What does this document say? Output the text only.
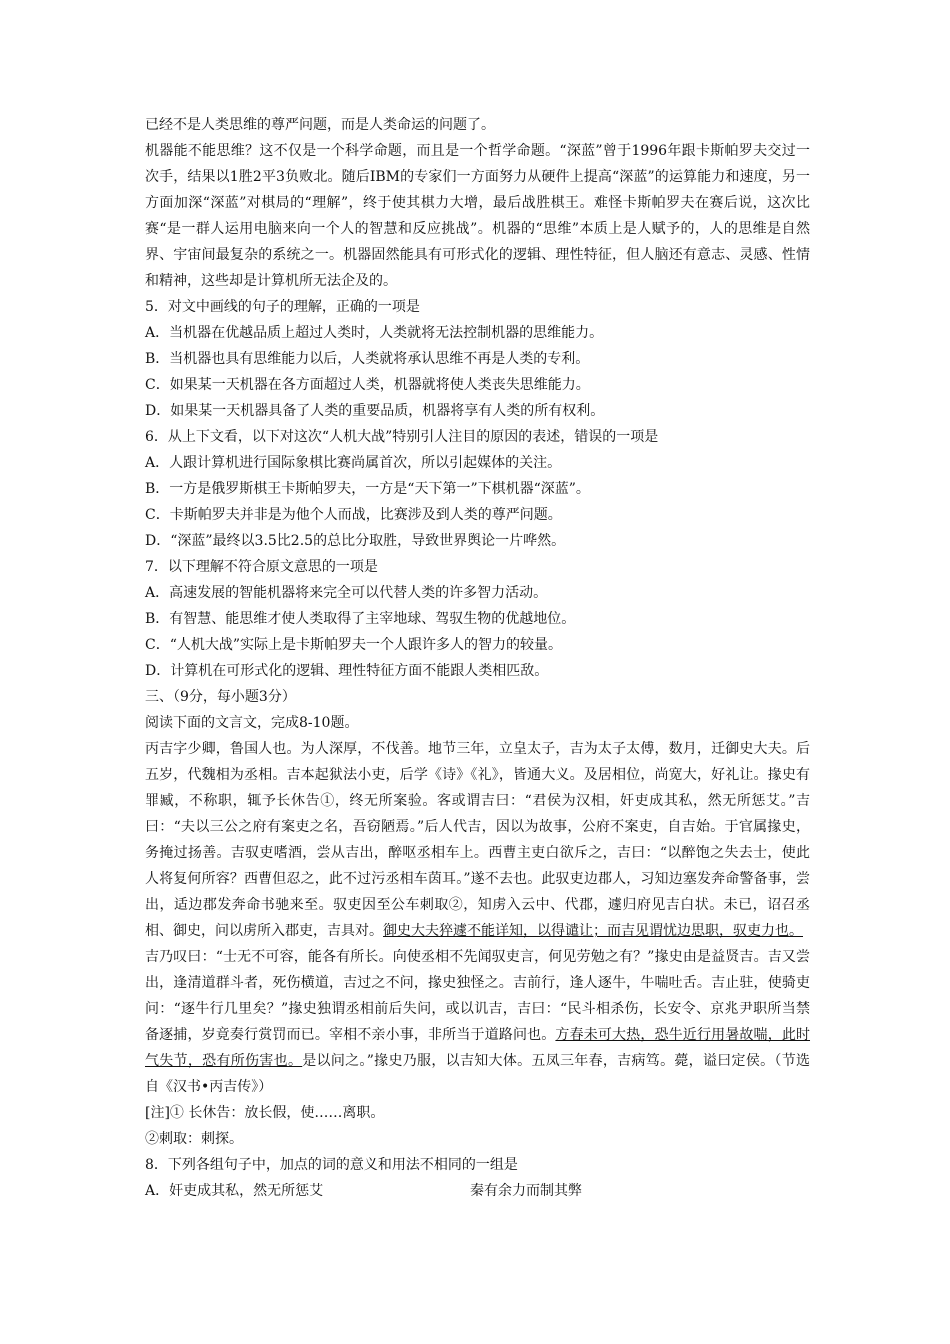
已经不是人类思维的尊严问题，而是人类命运的问题了。

机器能不能思维？这不仅是一个科学命题，而且是一个哲学命题。“深蓝”曾于1996年跟卡斯帕罗夫交过一次手，结果以1胜2平3负败北。随后IBM的专家们一方面努力从硬件上提高“深蓝”的运算能力和速度，另一方面加深“深蓝”对棋局的“理解”，终于使其棋力大增，最后战胜棋王。难怪卡斯帕罗夫在赛后说，这次比赛“是一群人运用电脑来向一个人的智慧和反应挑战”。机器的“思维”本质上是人赋予的，人的思维是自然界、宇宙间最复杂的系统之一。机器固然能具有可形式化的逻辑、理性特征，但人脑还有意志、灵感、性情和精神，这些却是计算机所无法企及的。

5．对文中画线的句子的理解，正确的一项是

A．当机器在优越品质上超过人类时，人类就将无法控制机器的思维能力。

B．当机器也具有思维能力以后，人类就将承认思维不再是人类的专利。

C．如果某一天机器在各方面超过人类，机器就将使人类丧失思维能力。

D．如果某一天机器具备了人类的重要品质，机器将享有人类的所有权利。

6．从上下文看，以下对这次“人机大战”特别引人注目的原因的表述，错误的一项是

A．人跟计算机进行国际象棋比赛尚属首次，所以引起媒体的关注。

B．一方是俄罗斯棋王卡斯帕罗夫，一方是“天下第一”下棋机器“深蓝”。

C．卡斯帕罗夫并非是为他个人而战，比赛涉及到人类的尊严问题。

D．“深蓝”最终以3.5比2.5的总比分取胜，导致世界舆论一片哗然。

7．以下理解不符合原文意思的一项是

A．高速发展的智能机器将来完全可以代替人类的许多智力活动。

B．有智慧、能思维才使人类取得了主宰地球、驾驭生物的优越地位。

C．“人机大战”实际上是卡斯帕罗夫一个人跟许多人的智力的较量。

D．计算机在可形式化的逻辑、理性特征方面不能跟人类相匹敌。

三、（9分，每小题3分）

阅读下面的文言文，完成8-10题。

丙吉字少卿，鲁国人也。为人深厚，不伐善。地节三年，立皇太子，吉为太子太傅，数月，迁御史大夫。后五岁，代魏相为丞相。吉本起狱法小吏，后学《诗》《礼》，皆通大义。及居相位，尚宽大，好礼让。掾史有罪臧，不称职，辄予长休告①，终无所案验。客或谓吉曰：“君侯为汉相，奸吏成其私，然无所惩艾。”吉曰：“夫以三公之府有案吏之名，吾窃陋焉。”后人代吉，因以为故事，公府不案吏，自吉始。于官属掾史，务掩过扬善。吉驭吏嗜酒，尝从吉出，醉呕丞相车上。西曹主吏白欲斥之，吉曰：“以醉饱之失去士，使此人将复何所容？西曹但忍之，此不过污丞相车茵耳。”遂不去也。此驭吏边郡人，习知边塞发奔命警备事，尝出，适边郡发奔命书驰来至。驭吏因至公车刺取②，知虏入云中、代郡，遽归府见吉白状。未已，诏召丞相、御史，问以虏所入郡吏，吉具对。御史大夫猝遽不能详知，以得谴让；而吉见谓忧边思职，驭吏力也。

吉乃叹曰：“士无不可容，能各有所长。向使丞相不先闻驭吏言，何见劳勉之有？”掾史由是益贤吉。吉又尝出，逢清道群斗者，死伤横道，吉过之不问，掾史独怪之。吉前行，逢人逐牛，牛喘吐舌。吉止驻，使骑吏问：“逐牛行几里矣？”掾史独谓丞相前后失问，或以讥吉，吉曰：“民斗相杀伤，长安令、京兆尹职所当禁备逐捕，岁竟奏行赏罚而已。宰相不亲小事，非所当于道路问也。方春未可大热，恐牛近行用暑故喘，此时气失节，恐有所伤害也。是以问之。”掾史乃服，以吉知大体。五凤三年春，吉病笃。薨，谥曰定侯。（节选自《汉书•丙吉传》）

[注]① 长休告：放长假，使……离职。

②刺取：刺探。

8．下列各组句子中，加点的词的意义和用法不相同的一组是

A．奸吏成其私，然无所惩艾	秦有余力而制其弊
